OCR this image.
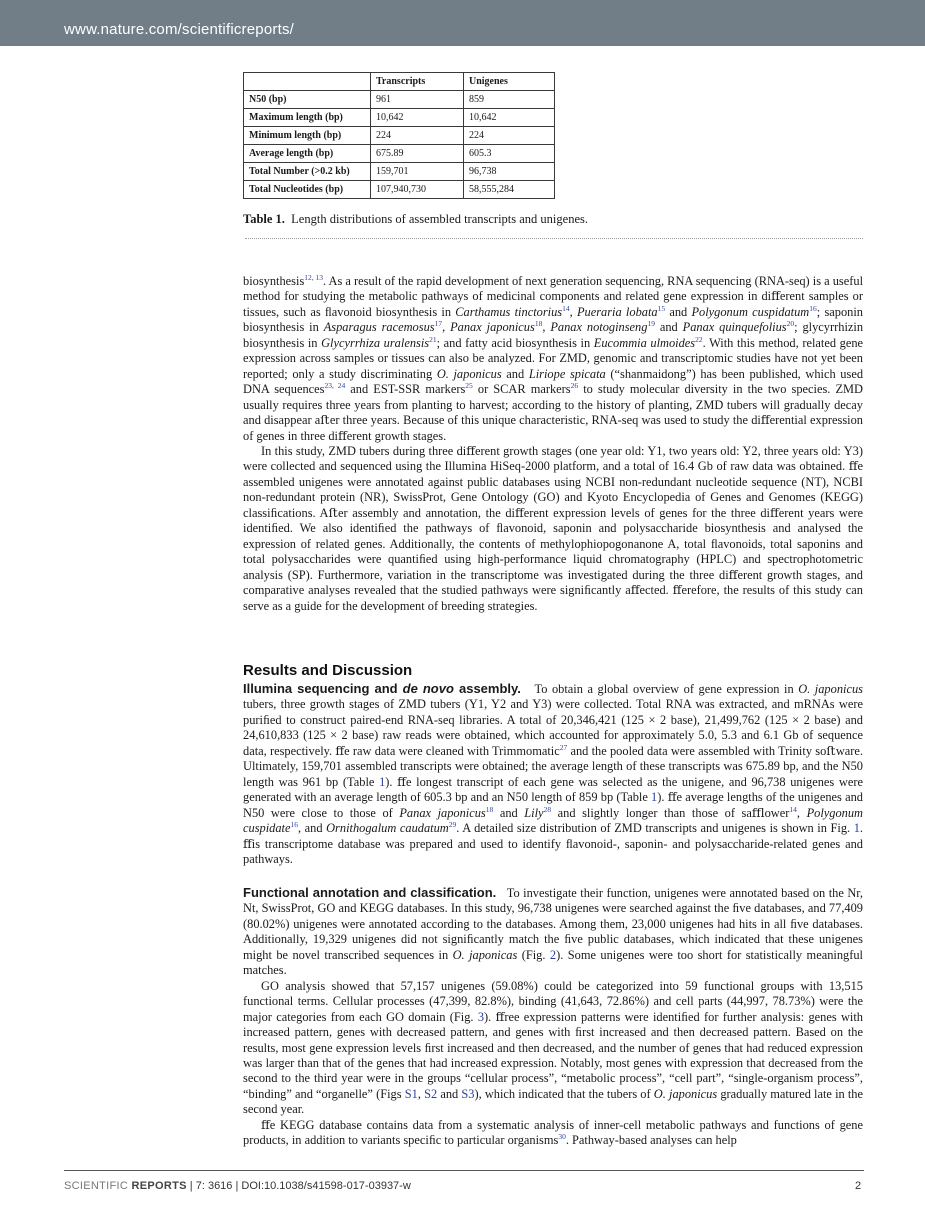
www.nature.com/scientificreports/
	Transcripts	Unigenes
N50 (bp)	961	859
Maximum length (bp)	10,642	10,642
Minimum length (bp)	224	224
Average length (bp)	675.89	605.3
Total Number (>0.2 kb)	159,701	96,738
Total Nucleotides (bp)	107,940,730	58,555,284
Table 1. Length distributions of assembled transcripts and unigenes.

biosynthesis$^{12, 13}$. As a result of the rapid development of next generation sequencing, RNA sequencing (RNA-seq) is a useful method for studying the metabolic pathways of medicinal components and related gene expression in diﬀerent samples or tissues, such as ﬂavonoid biosynthesis in Carthamus tinctorius$^{14}$, Pueraria lobata$^{15}$ and Polygonum cuspidatum$^{16}$; saponin biosynthesis in Asparagus racemosus$^{17}$, Panax japonicus$^{18}$, Panax notoginseng$^{19}$ and Panax quinquefolius$^{20}$; glycyrrhizin biosynthesis in Glycyrrhiza uralensis$^{21}$; and fatty acid biosynthesis in Eucommia ulmoides$^{22}$. With this method, related gene expression across samples or tissues can also be analyzed. For ZMD, genomic and transcriptomic studies have not yet been reported; only a study discriminating O. japonicus and Liriope spicata (“shanmaidong”) has been published, which used DNA sequences$^{23, 24}$ and EST-SSR markers$^{25}$ or SCAR markers$^{26}$ to study molecular diversity in the two species. ZMD usually requires three years from planting to harvest; according to the history of planting, ZMD tubers will gradually decay and disappear aﬅer three years. Because of this unique characteristic, RNA-seq was used to study the diﬀerential expression of genes in three diﬀerent growth stages.

In this study, ZMD tubers during three diﬀerent growth stages (one year old: Y1, two years old: Y2, three years old: Y3) were collected and sequenced using the Illumina HiSeq-2000 platform, and a total of 16.4 Gb of raw data was obtained. ﬀe assembled unigenes were annotated against public databases using NCBI non-redundant nucleotide sequence (NT), NCBI non-redundant protein (NR), SwissProt, Gene Ontology (GO) and Kyoto Encyclopedia of Genes and Genomes (KEGG) classiﬁcations. Aﬅer assembly and annotation, the diﬀerent expression levels of genes for the three diﬀerent years were identiﬁed. We also identiﬁed the pathways of ﬂavonoid, saponin and polysaccharide biosynthesis and analysed the expression of related genes. Additionally, the contents of methylophiopogonanone A, total ﬂavonoids, total saponins and total polysaccharides were quantiﬁed using high-performance liquid chromatography (HPLC) and spectrophotometric analysis (SP). Furthermore, variation in the transcriptome was investigated during the three diﬀerent growth stages, and comparative analyses revealed that the studied pathways were signiﬁcantly aﬀected. ﬀerefore, the results of this study can serve as a guide for the development of breeding strategies.

Results and Discussion

Illumina sequencing and de novo assembly.   To obtain a global overview of gene expression in O. japonicus tubers, three growth stages of ZMD tubers (Y1, Y2 and Y3) were collected. Total RNA was extracted, and mRNAs were puriﬁed to construct paired-end RNA-seq libraries. A total of 20,346,421 (125 × 2 base), 21,499,762 (125 × 2 base) and 24,610,833 (125 × 2 base) raw reads were obtained, which accounted for approximately 5.0, 5.3 and 6.1 Gb of sequence data, respectively. ﬀe raw data were cleaned with Trimmomatic$^{27}$ and the pooled data were assembled with Trinity soﬅware. Ultimately, 159,701 assembled transcripts were obtained; the average length of these transcripts was 675.89 bp, and the N50 length was 961 bp (Table 1). ﬀe longest transcript of each gene was selected as the unigene, and 96,738 unigenes were generated with an average length of 605.3 bp and an N50 length of 859 bp (Table 1). ﬀe average lengths of the unigenes and N50 were close to those of Panax japonicus$^{18}$ and Lily$^{28}$ and slightly longer than those of saﬄower$^{14}$, Polygonum cuspidate$^{16}$, and Ornithogalum caudatum$^{29}$. A detailed size distribution of ZMD transcripts and unigenes is shown in Fig. 1. ﬀis transcriptome database was prepared and used to identify ﬂavonoid-, saponin- and polysaccharide-related genes and pathways.

Functional annotation and classification.   To investigate their function, unigenes were annotated based on the Nr, Nt, SwissProt, GO and KEGG databases. In this study, 96,738 unigenes were searched against the ﬁve databases, and 77,409 (80.02%) unigenes were annotated according to the databases. Among them, 23,000 unigenes had hits in all ﬁve databases. Additionally, 19,329 unigenes did not signiﬁcantly match the ﬁve public databases, which indicated that these unigenes might be novel transcribed sequences in O. japonicas (Fig. 2). Some unigenes were too short for statistically meaningful matches.

GO analysis showed that 57,157 unigenes (59.08%) could be categorized into 59 functional groups with 13,515 functional terms. Cellular processes (47,399, 82.8%), binding (41,643, 72.86%) and cell parts (44,997, 78.73%) were the major categories from each GO domain (Fig. 3). ﬀree expression patterns were identiﬁed for further analysis: genes with increased pattern, genes with decreased pattern, and genes with ﬁrst increased and then decreased pattern. Based on the results, most gene expression levels ﬁrst increased and then decreased, and the number of genes that had reduced expression was larger than that of the genes that had increased expression. Notably, most genes with expression that decreased from the second to the third year were in the groups “cellular process”, “metabolic process”, “cell part”, “single-organism process”, “binding” and “organelle” (Figs S1, S2 and S3), which indicated that the tubers of O. japonicus gradually matured late in the second year.

ﬀe KEGG database contains data from a systematic analysis of inner-cell metabolic pathways and functions of gene products, in addition to variants speciﬁc to particular organisms$^{30}$. Pathway-based analyses can help

SCIENTIFIC REPORTS | 7: 3616 | DOI:10.1038/s41598-017-03937-w	2
